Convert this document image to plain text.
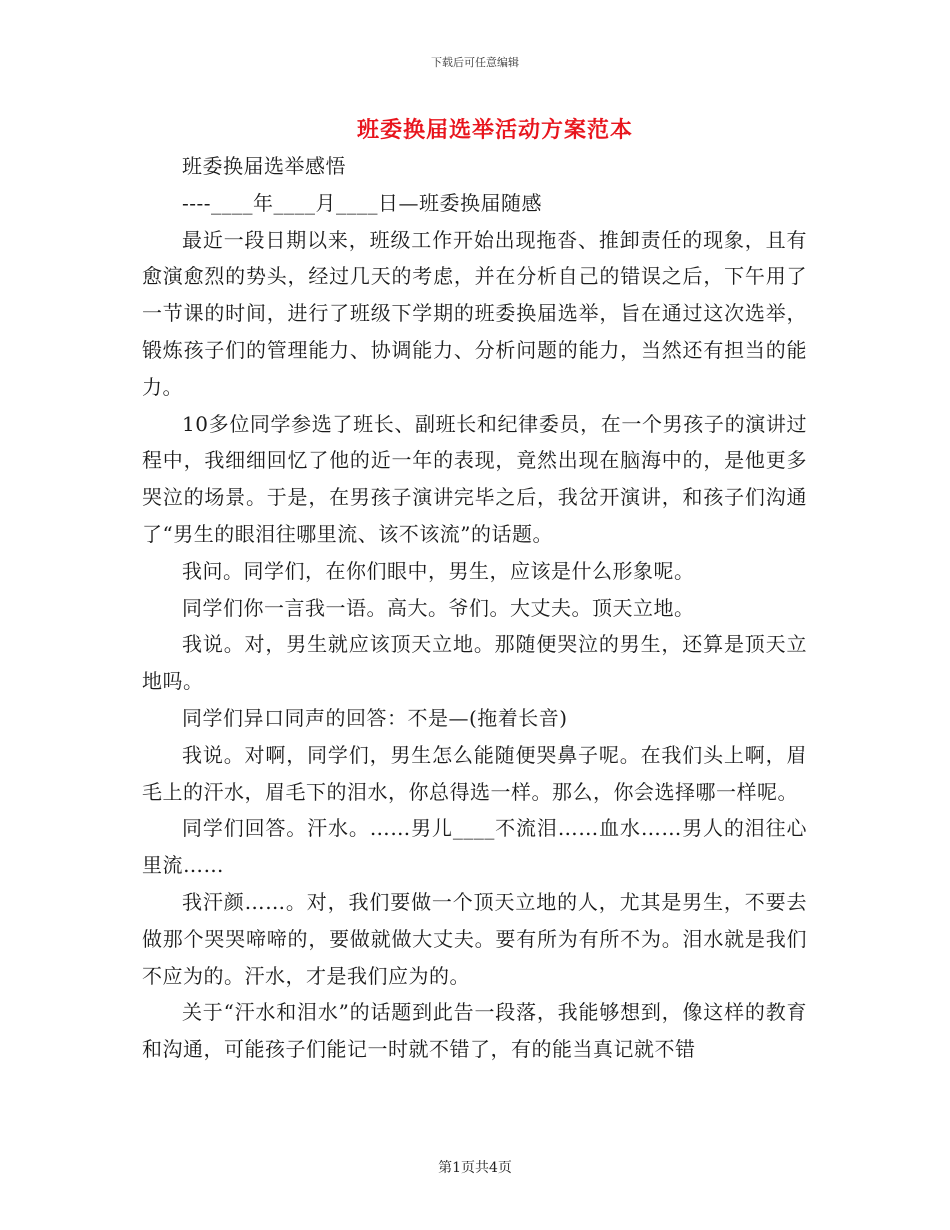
下载后可任意编辑
班委换届选举活动方案范本

班委换届选举感悟

----____年____月____日—班委换届随感

最近一段日期以来，班级工作开始出现拖沓、推卸责任的现象，且有愈演愈烈的势头，经过几天的考虑，并在分析自己的错误之后，下午用了一节课的时间，进行了班级下学期的班委换届选举，旨在通过这次选举，锻炼孩子们的管理能力、协调能力、分析问题的能力，当然还有担当的能力。

10多位同学参选了班长、副班长和纪律委员，在一个男孩子的演讲过程中，我细细回忆了他的近一年的表现，竟然出现在脑海中的，是他更多哭泣的场景。于是，在男孩子演讲完毕之后，我岔开演讲，和孩子们沟通了“男生的眼泪往哪里流、该不该流”的话题。

我问。同学们，在你们眼中，男生，应该是什么形象呢。

同学们你一言我一语。高大。爷们。大丈夫。顶天立地。

我说。对，男生就应该顶天立地。那随便哭泣的男生，还算是顶天立地吗。

同学们异口同声的回答：不是—(拖着长音)

我说。对啊，同学们，男生怎么能随便哭鼻子呢。在我们头上啊，眉毛上的汗水，眉毛下的泪水，你总得选一样。那么，你会选择哪一样呢。

同学们回答。汗水。……男儿____不流泪……血水……男人的泪往心里流……

我汗颜……。对，我们要做一个顶天立地的人，尤其是男生，不要去做那个哭哭啼啼的，要做就做大丈夫。要有所为有所不为。泪水就是我们不应为的。汗水，才是我们应为的。

关于“汗水和泪水”的话题到此告一段落，我能够想到，像这样的教育和沟通，可能孩子们能记一时就不错了，有的能当真记就不错

第1页共4页
